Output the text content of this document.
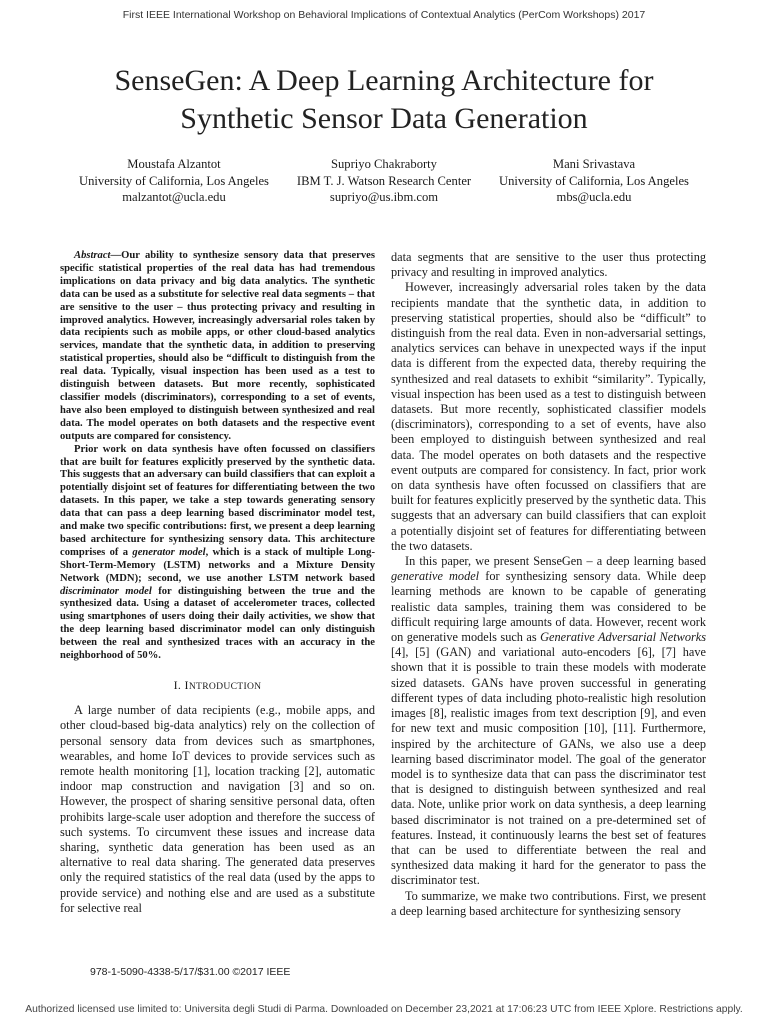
First IEEE International Workshop on Behavioral Implications of Contextual Analytics (PerCom Workshops) 2017
SenseGen: A Deep Learning Architecture for
Synthetic Sensor Data Generation
Moustafa Alzantot
University of California, Los Angeles
malzantot@ucla.edu
Supriyo Chakraborty
IBM T. J. Watson Research Center
supriyo@us.ibm.com
Mani Srivastava
University of California, Los Angeles
mbs@ucla.edu

Abstract—Our ability to synthesize sensory data that preserves specific statistical properties of the real data has had tremendous implications on data privacy and big data analytics. The synthetic data can be used as a substitute for selective real data segments – that are sensitive to the user – thus protecting privacy and resulting in improved analytics. However, increasingly adversarial roles taken by data recipients such as mobile apps, or other cloud-based analytics services, mandate that the synthetic data, in addition to preserving statistical properties, should also be “difficult to distinguish from the real data. Typically, visual inspection has been used as a test to distinguish between datasets. But more recently, sophisticated classifier models (discriminators), corresponding to a set of events, have also been employed to distinguish between synthesized and real data. The model operates on both datasets and the respective event outputs are compared for consistency.

Prior work on data synthesis have often focussed on classifiers that are built for features explicitly preserved by the synthetic data. This suggests that an adversary can build classifiers that can exploit a potentially disjoint set of features for differentiating between the two datasets. In this paper, we take a step towards generating sensory data that can pass a deep learning based discriminator model test, and make two specific contributions: first, we present a deep learning based architecture for synthesizing sensory data. This architecture comprises of a generator model, which is a stack of multiple Long-Short-Term-Memory (LSTM) networks and a Mixture Density Network (MDN); second, we use another LSTM network based discriminator model for distinguishing between the true and the synthesized data. Using a dataset of accelerometer traces, collected using smartphones of users doing their daily activities, we show that the deep learning based discriminator model can only distinguish between the real and synthesized traces with an accuracy in the neighborhood of 50%.

I. INTRODUCTION

A large number of data recipients (e.g., mobile apps, and other cloud-based big-data analytics) rely on the collection of personal sensory data from devices such as smartphones, wearables, and home IoT devices to provide services such as remote health monitoring [1], location tracking [2], automatic indoor map construction and navigation [3] and so on. However, the prospect of sharing sensitive personal data, often prohibits large-scale user adoption and therefore the success of such systems. To circumvent these issues and increase data sharing, synthetic data generation has been used as an alternative to real data sharing. The generated data preserves only the required statistics of the real data (used by the apps to provide service) and nothing else and are used as a substitute for selective real

data segments that are sensitive to the user thus protecting privacy and resulting in improved analytics.

However, increasingly adversarial roles taken by the data recipients mandate that the synthetic data, in addition to preserving statistical properties, should also be “difficult” to distinguish from the real data. Even in non-adversarial settings, analytics services can behave in unexpected ways if the input data is different from the expected data, thereby requiring the synthesized and real datasets to exhibit “similarity”. Typically, visual inspection has been used as a test to distinguish between datasets. But more recently, sophisticated classifier models (discriminators), corresponding to a set of events, have also been employed to distinguish between synthesized and real data. The model operates on both datasets and the respective event outputs are compared for consistency. In fact, prior work on data synthesis have often focussed on classifiers that are built for features explicitly preserved by the synthetic data. This suggests that an adversary can build classifiers that can exploit a potentially disjoint set of features for differentiating between the two datasets.

In this paper, we present SenseGen – a deep learning based generative model for synthesizing sensory data. While deep learning methods are known to be capable of generating realistic data samples, training them was considered to be difficult requiring large amounts of data. However, recent work on generative models such as Generative Adversarial Networks [4], [5] (GAN) and variational auto-encoders [6], [7] have shown that it is possible to train these models with moderate sized datasets. GANs have proven successful in generating different types of data including photo-realistic high resolution images [8], realistic images from text description [9], and even for new text and music composition [10], [11]. Furthermore, inspired by the architecture of GANs, we also use a deep learning based discriminator model. The goal of the generator model is to synthesize data that can pass the discriminator test that is designed to distinguish between synthesized and real data. Note, unlike prior work on data synthesis, a deep learning based discriminator is not trained on a pre-determined set of features. Instead, it continuously learns the best set of features that can be used to differentiate between the real and synthesized data making it hard for the generator to pass the discriminator test.

To summarize, we make two contributions. First, we present a deep learning based architecture for synthesizing sensory

978-1-5090-4338-5/17/$31.00 ©2017 IEEE
Authorized licensed use limited to: Universita degli Studi di Parma. Downloaded on December 23,2021 at 17:06:23 UTC from IEEE Xplore. Restrictions apply.
